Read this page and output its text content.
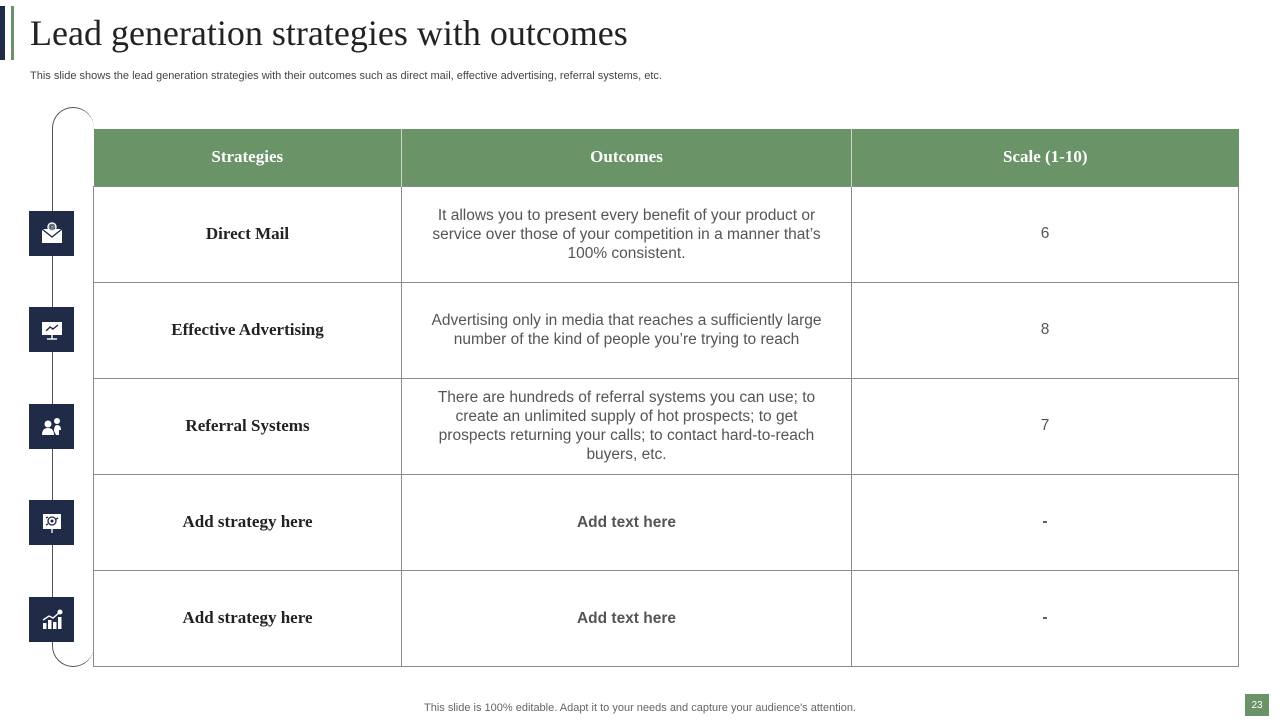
Lead generation strategies with outcomes
This slide shows the lead generation strategies with their outcomes such as direct mail, effective advertising, referral systems, etc.
@
Strategies	Outcomes	Scale (1-10)
Direct Mail	It allows you to present every benefit of your product or service over those of your competition in a manner that’s 100% consistent.	6
Effective Advertising	Advertising only in media that reaches a sufficiently large number of the kind of people you’re trying to reach	8
Referral Systems	There are hundreds of referral systems you can use; to create an unlimited supply of hot prospects; to get prospects returning your calls; to contact hard-to-reach buyers, etc.	7
Add strategy here	Add text here	-
Add strategy here	Add text here	-
This slide is 100% editable. Adapt it to your needs and capture your audience's attention.	23
